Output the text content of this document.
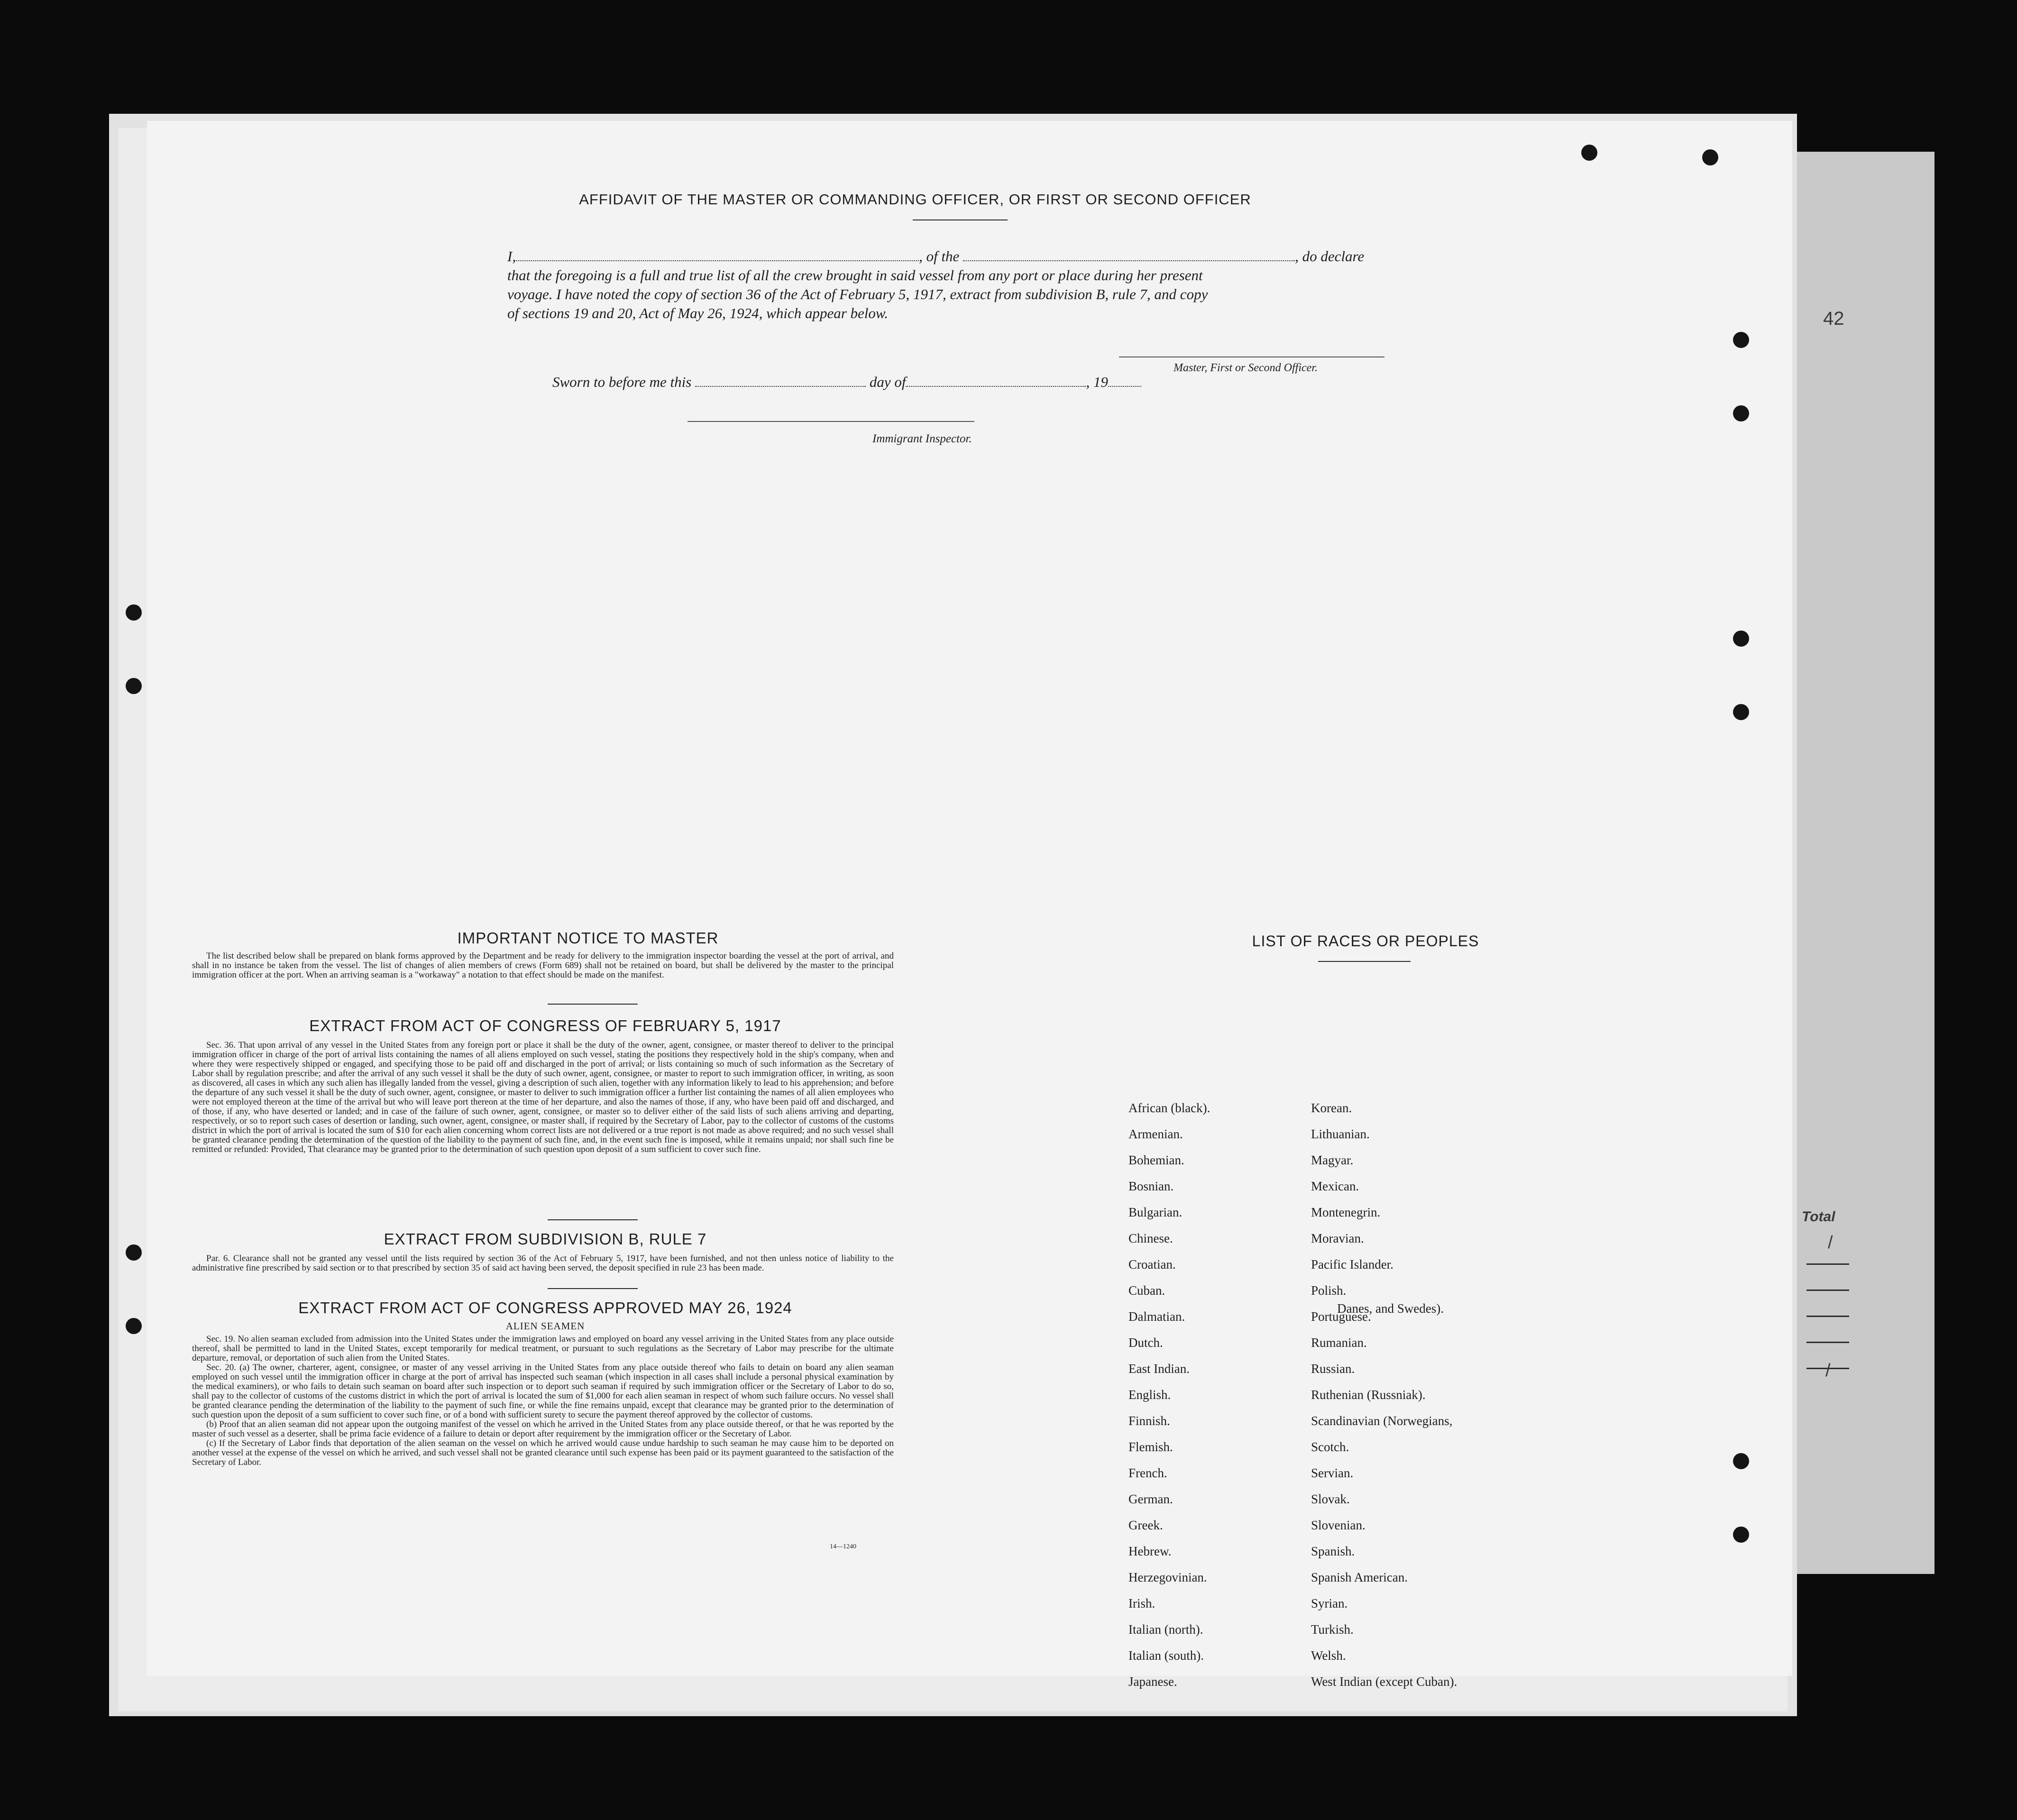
42
Total
/
/
AFFIDAVIT OF THE MASTER OR COMMANDING OFFICER, OR FIRST OR SECOND OFFICER
I,	, of the	, do declare
that the foregoing is a full and true list of all the crew brought in said vessel from any port or place during her present
voyage. I have noted the copy of section 36 of the Act of February 5, 1917, extract from subdivision B, rule 7, and copy
of sections 19 and 20, Act of May 26, 1924, which appear below.
Master, First or Second Officer.
Sworn to before me this	day of	, 19
Immigrant Inspector.
IMPORTANT NOTICE TO MASTER

The list described below shall be prepared on blank forms approved by the Department and be ready for delivery to the immigration inspector boarding the vessel at the port of arrival, and shall in no instance be taken from the vessel. The list of changes of alien members of crews (Form 689) shall not be retained on board, but shall be delivered by the master to the principal immigration officer at the port. When an arriving seaman is a "workaway" a notation to that effect should be made on the manifest.

EXTRACT FROM ACT OF CONGRESS OF FEBRUARY 5, 1917

Sec. 36. That upon arrival of any vessel in the United States from any foreign port or place it shall be the duty of the owner, agent, consignee, or master thereof to deliver to the principal immigration officer in charge of the port of arrival lists containing the names of all aliens employed on such vessel, stating the positions they respectively hold in the ship's company, when and where they were respectively shipped or engaged, and specifying those to be paid off and discharged in the port of arrival; or lists containing so much of such information as the Secretary of Labor shall by regulation prescribe; and after the arrival of any such vessel it shall be the duty of such owner, agent, consignee, or master to report to such immigration officer, in writing, as soon as discovered, all cases in which any such alien has illegally landed from the vessel, giving a description of such alien, together with any information likely to lead to his apprehension; and before the departure of any such vessel it shall be the duty of such owner, agent, consignee, or master to deliver to such immigration officer a further list containing the names of all alien employees who were not employed thereon at the time of the arrival but who will leave port thereon at the time of her departure, and also the names of those, if any, who have been paid off and discharged, and of those, if any, who have deserted or landed; and in case of the failure of such owner, agent, consignee, or master so to deliver either of the said lists of such aliens arriving and departing, respectively, or so to report such cases of desertion or landing, such owner, agent, consignee, or master shall, if required by the Secretary of Labor, pay to the collector of customs of the customs district in which the port of arrival is located the sum of $10 for each alien concerning whom correct lists are not delivered or a true report is not made as above required; and no such vessel shall be granted clearance pending the determination of the question of the liability to the payment of such fine, and, in the event such fine is imposed, while it remains unpaid; nor shall such fine be remitted or refunded: Provided, That clearance may be granted prior to the determination of such question upon deposit of a sum sufficient to cover such fine.

EXTRACT FROM SUBDIVISION B, RULE 7

Par. 6. Clearance shall not be granted any vessel until the lists required by section 36 of the Act of February 5, 1917, have been furnished, and not then unless notice of liability to the administrative fine prescribed by said section or to that prescribed by section 35 of said act having been served, the deposit specified in rule 23 has been made.

EXTRACT FROM ACT OF CONGRESS APPROVED MAY 26, 1924
ALIEN SEAMEN

Sec. 19. No alien seaman excluded from admission into the United States under the immigration laws and employed on board any vessel arriving in the United States from any place outside thereof, shall be permitted to land in the United States, except temporarily for medical treatment, or pursuant to such regulations as the Secretary of Labor may prescribe for the ultimate departure, removal, or deportation of such alien from the United States.

Sec. 20. (a) The owner, charterer, agent, consignee, or master of any vessel arriving in the United States from any place outside thereof who fails to detain on board any alien seaman employed on such vessel until the immigration officer in charge at the port of arrival has inspected such seaman (which inspection in all cases shall include a personal physical examination by the medical examiners), or who fails to detain such seaman on board after such inspection or to deport such seaman if required by such immigration officer or the Secretary of Labor to do so, shall pay to the collector of customs of the customs district in which the port of arrival is located the sum of $1,000 for each alien seaman in respect of whom such failure occurs. No vessel shall be granted clearance pending the determination of the liability to the payment of such fine, or while the fine remains unpaid, except that clearance may be granted prior to the determination of such question upon the deposit of a sum sufficient to cover such fine, or of a bond with sufficient surety to secure the payment thereof approved by the collector of customs.

(b) Proof that an alien seaman did not appear upon the outgoing manifest of the vessel on which he arrived in the United States from any place outside thereof, or that he was reported by the master of such vessel as a deserter, shall be prima facie evidence of a failure to detain or deport after requirement by the immigration officer or the Secretary of Labor.

(c) If the Secretary of Labor finds that deportation of the alien seaman on the vessel on which he arrived would cause undue hardship to such seaman he may cause him to be deported on another vessel at the expense of the vessel on which he arrived, and such vessel shall not be granted clearance until such expense has been paid or its payment guaranteed to the satisfaction of the Secretary of Labor.

14—1240
LIST OF RACES OR PEOPLES
African (black).
Armenian.
Bohemian.
Bosnian.
Bulgarian.
Chinese.
Croatian.
Cuban.
Dalmatian.
Dutch.
East Indian.
English.
Finnish.
Flemish.
French.
German.
Greek.
Hebrew.
Herzegovinian.
Irish.
Italian (north).
Italian (south).
Japanese.
Korean.
Lithuanian.
Magyar.
Mexican.
Montenegrin.
Moravian.
Pacific Islander.
Polish.
Portuguese.
Rumanian.
Russian.
Ruthenian (Russniak).
Scandinavian (Norwegians,
Scotch.
Servian.
Slovak.
Slovenian.
Spanish.
Spanish American.
Syrian.
Turkish.
Welsh.
West Indian (except Cuban).
Danes, and Swedes).
